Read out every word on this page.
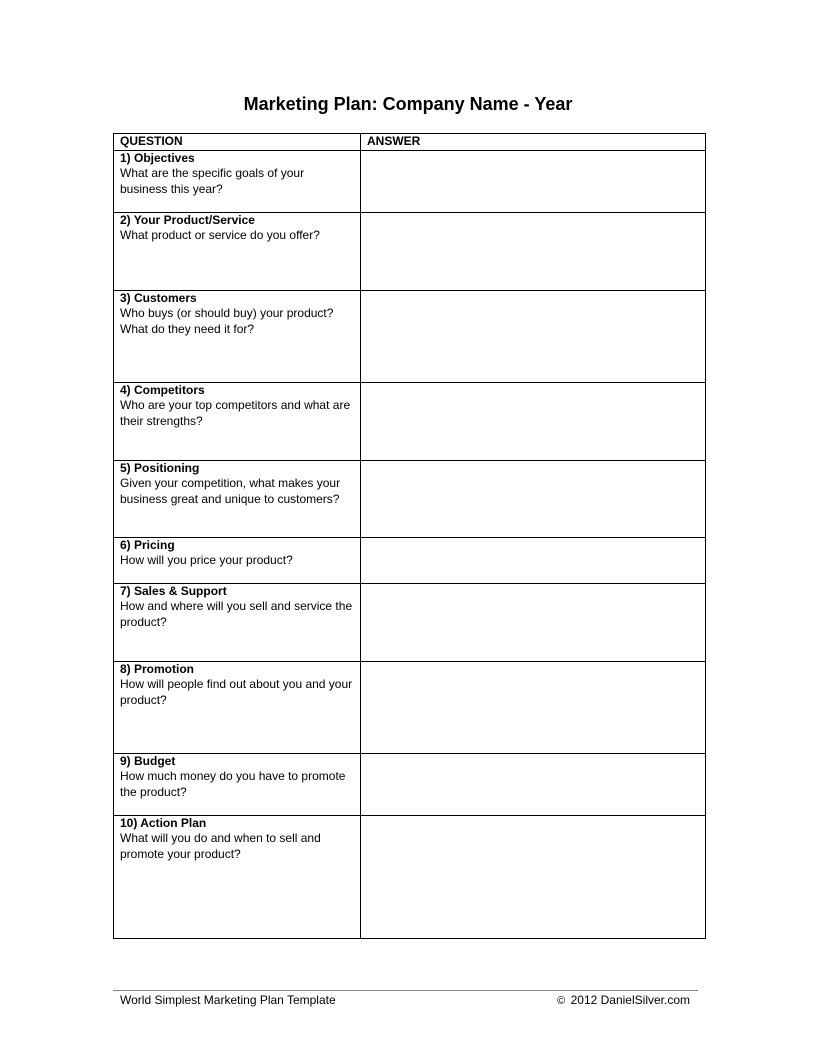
Marketing Plan: Company Name - Year
QUESTION	ANSWER

1) Objectives
What are the specific goals of your business this year?	

2) Your Product/Service
What product or service do you offer?	

3) Customers
Who buys (or should buy) your product? What do they need it for?	

4) Competitors
Who are your top competitors and what are their strengths?	

5) Positioning
Given your competition, what makes your business great and unique to customers?	

6) Pricing
How will you price your product?	

7) Sales & Support
How and where will you sell and service the product?	

8) Promotion
How will people find out about you and your product?	

9) Budget
How much money do you have to promote the product?	

10) Action Plan
What will you do and when to sell and promote your product?	

World Simplest Marketing Plan Template	© 2012 DanielSilver.com
